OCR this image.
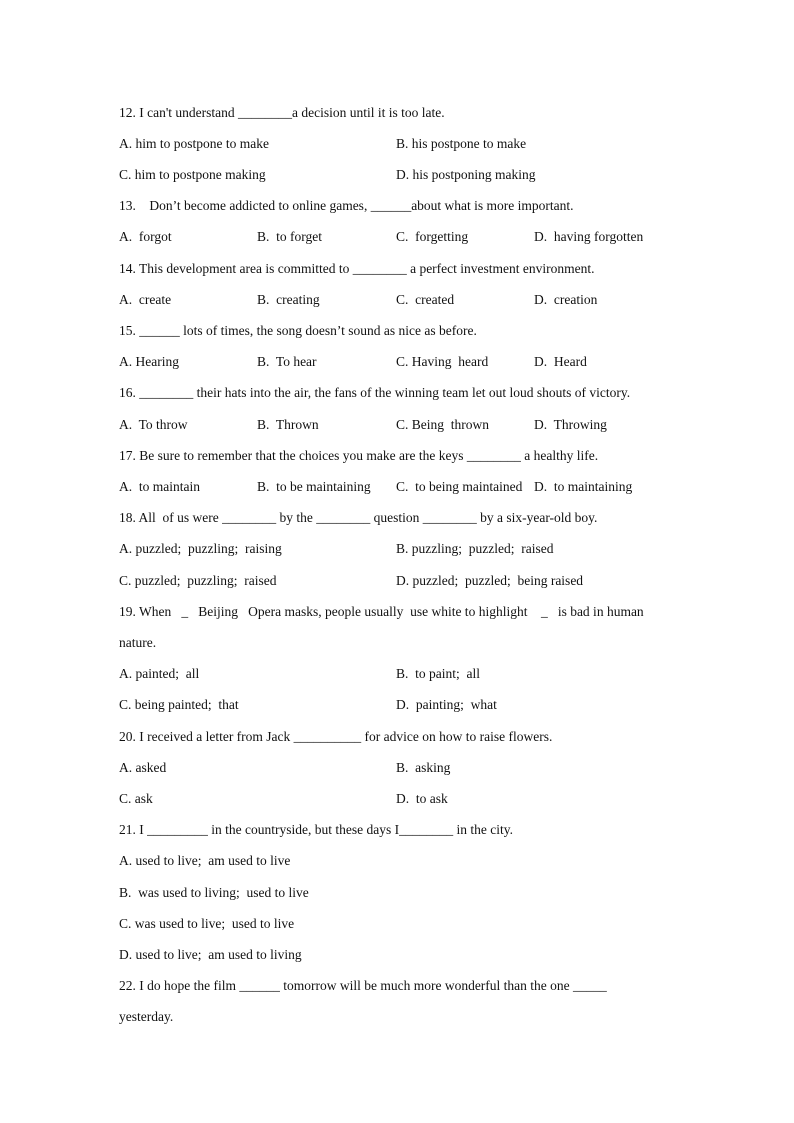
12. I can't understand ________a decision until it is too late.
A. him to postpone to make	B. his postpone to make
C. him to postpone making	D. his postponing making
13.    Don’t become addicted to online games, ______about what is more important.
A.  forgot	B.  to forget	C.  forgetting	D.  having forgotten
14. This development area is committed to ________ a perfect investment environment.
A.  create	B.  creating	C.  created	D.  creation
15. ______ lots of times, the song doesn’t sound as nice as before.
A. Hearing	B.  To hear	C. Having  heard	D.  Heard
16. ________ their hats into the air, the fans of the winning team let out loud shouts of victory.
A.  To throw	B.  Thrown	C. Being  thrown	D.  Throwing
17. Be sure to remember that the choices you make are the keys ________ a healthy life.
A.  to maintain	B.  to be maintaining C.  to being maintained D.  to maintaining
18. All  of us were ________ by the ________ question ________ by a six-year-old boy.
A. puzzled;  puzzling;  raising	B. puzzling;  puzzled;  raised
C. puzzled;  puzzling;  raised	D. puzzled;  puzzled;  being raised
19. When   _   Beijing   Opera masks, people usually  use white to highlight    _   is bad in human
nature.
A. painted;  all	B.  to paint;  all
C. being painted;  that	D.  painting;  what
20. I received a letter from Jack __________ for advice on how to raise flowers.
A. asked	B.  asking
C. ask	D.  to ask
21. I _________ in the countryside, but these days I________ in the city.
A. used to live;  am used to live
B.  was used to living;  used to live
C. was used to live;  used to live
D. used to live;  am used to living
22. I do hope the film ______ tomorrow will be much more wonderful than the one _____
yesterday.
